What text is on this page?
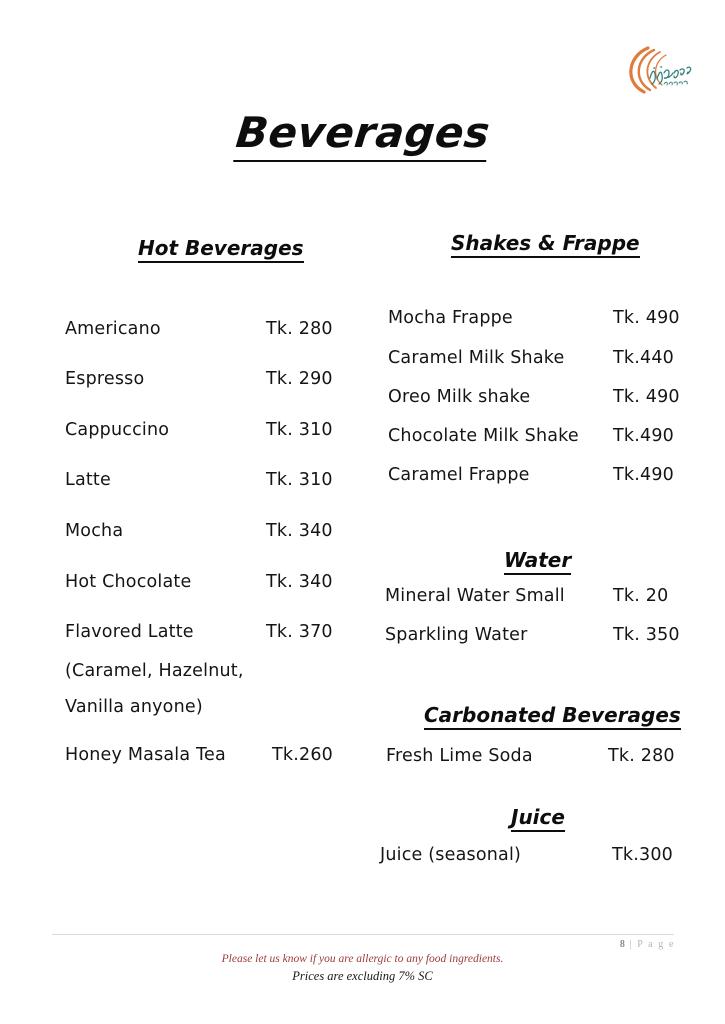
Beverages
Hot Beverages
Americano	Tk. 280
Espresso	Tk. 290
Cappuccino	Tk. 310
Latte	Tk. 310
Mocha	Tk. 340
Hot Chocolate	Tk. 340
Flavored Latte	Tk. 370
(Caramel, Hazelnut,
Vanilla anyone)
Honey Masala Tea	Tk.260
Shakes & Frappe
Mocha Frappe	Tk. 490
Caramel Milk Shake	Tk.440
Oreo Milk shake	Tk. 490
Chocolate Milk Shake Tk.490
Caramel Frappe	Tk.490
Water
Mineral Water Small	Tk. 20
Sparkling Water	Tk. 350
Carbonated Beverages
Fresh Lime Soda	Tk. 280
Juice
Juice (seasonal)	Tk.300
8 | P a g e
Please let us know if you are allergic to any food ingredients.
Prices are excluding 7% SC
